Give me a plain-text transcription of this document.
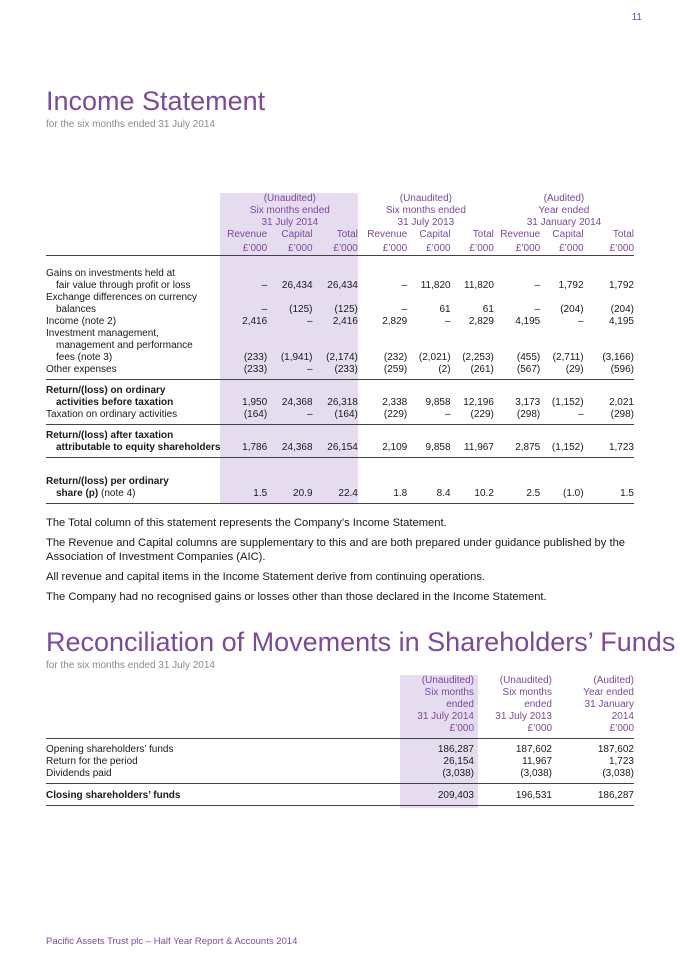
11
Income Statement
for the six months ended 31 July 2014
	(Unaudited)			(Unaudited)			(Audited)		
	Six months ended			Six months ended			Year ended		
	31 July 2014			31 July 2013			31 January 2014		
	Revenue	Capital	Total	Revenue	Capital	Total	Revenue	Capital	Total
	£’000	£’000	£’000	£’000	£’000	£’000	£’000	£’000	£’000

Gains on investments held at									
fair value through profit or loss	–	26,434	26,434	–	11,820	11,820	–	1,792	1,792
Exchange differences on currency									
balances	–	(125)	(125)	–	61	61	–	(204)	(204)
Income (note 2)	2,416	–	2,416	2,829	–	2,829	4,195	–	4,195
Investment management,									
management and performance									
fees (note 3)	(233)	(1,941)	(2,174)	(232)	(2,021)	(2,253)	(455)	(2,711)	(3,166)
Other expenses	(233)	–	(233)	(259)	(2)	(261)	(567)	(29)	(596)
Return/(loss) on ordinary									
activities before taxation	1,950	24,368	26,318	2,338	9,858	12,196	3,173	(1,152)	2,021
Taxation on ordinary activities	(164)	–	(164)	(229)	–	(229)	(298)	–	(298)
Return/(loss) after taxation									
attributable to equity shareholders	1,786	24,368	26,154	2,109	9,858	11,967	2,875	(1,152)	1,723
Return/(loss) per ordinary									
share (p) (note 4)	1.5	20.9	22.4	1.8	8.4	10.2	2.5	(1.0)	1.5

The Total column of this statement represents the Company’s Income Statement.

The Revenue and Capital columns are supplementary to this and are both prepared under guidance published by the Association of Investment Companies (AIC).

All revenue and capital items in the Income Statement derive from continuing operations.

The Company had no recognised gains or losses other than those declared in the Income Statement.

Reconciliation of Movements in Shareholders’ Funds
for the six months ended 31 July 2014
	(Unaudited)	(Unaudited)	(Audited)
	Six months	Six months	Year ended
	ended	ended	31 January
	31 July 2014	31 July 2013	2014
	£’000	£’000	£’000
Opening shareholders’ funds	186,287	187,602	187,602
Return for the period	26,154	11,967	1,723
Dividends paid	(3,038)	(3,038)	(3,038)
Closing shareholders’ funds	209,403	196,531	186,287
Pacific Assets Trust plc – Half Year Report & Accounts 2014
